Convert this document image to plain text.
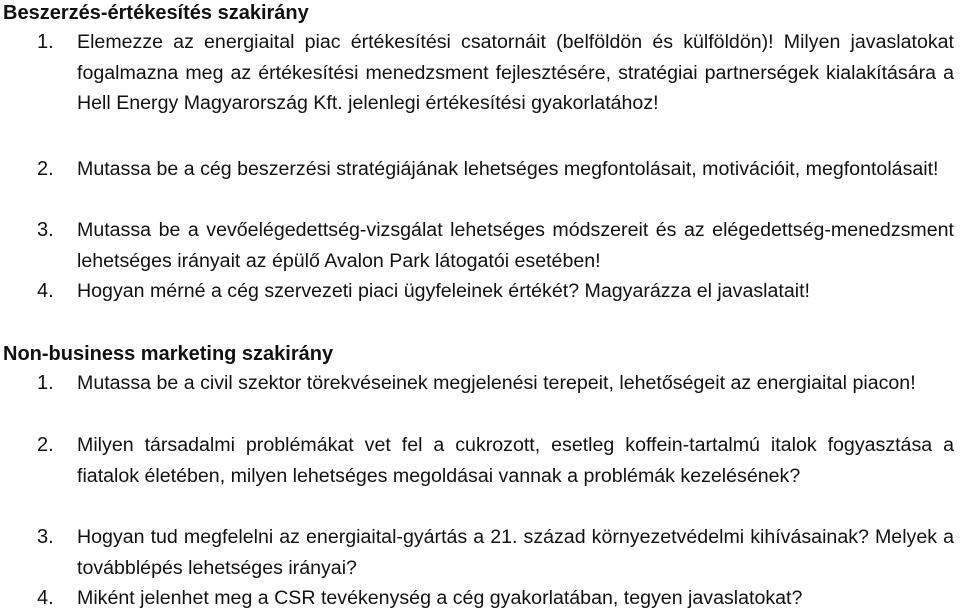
Beszerzés-értékesítés szakirány
1. Elemezze az energiaital piac értékesítési csatornáit (belföldön és külföldön)! Milyen javaslatokat fogalmazna meg az értékesítési menedzsment fejlesztésére, stratégiai partnerségek kialakítására a Hell Energy Magyarország Kft. jelenlegi értékesítési gyakorlatához!
2. Mutassa be a cég beszerzési stratégiájának lehetséges megfontolásait, motivációit, megfontolásait!
3. Mutassa be a vevőelégedettség-vizsgálat lehetséges módszereit és az elégedettség-menedzsment lehetséges irányait az épülő Avalon Park látogatói esetében!
4. Hogyan mérné a cég szervezeti piaci ügyfeleinek értékét? Magyarázza el javaslatait!
Non-business marketing szakirány
1. Mutassa be a civil szektor törekvéseinek megjelenési terepeit, lehetőségeit az energiaital piacon!
2. Milyen társadalmi problémákat vet fel a cukrozott, esetleg koffein-tartalmú italok fogyasztása a fiatalok életében, milyen lehetséges megoldásai vannak a problémák kezelésének?
3. Hogyan tud megfelelni az energiaital-gyártás a 21. század környezetvédelmi kihívásainak? Melyek a továbblépés lehetséges irányai?
4. Miként jelenhet meg a CSR tevékenység a cég gyakorlatában, tegyen javaslatokat?
